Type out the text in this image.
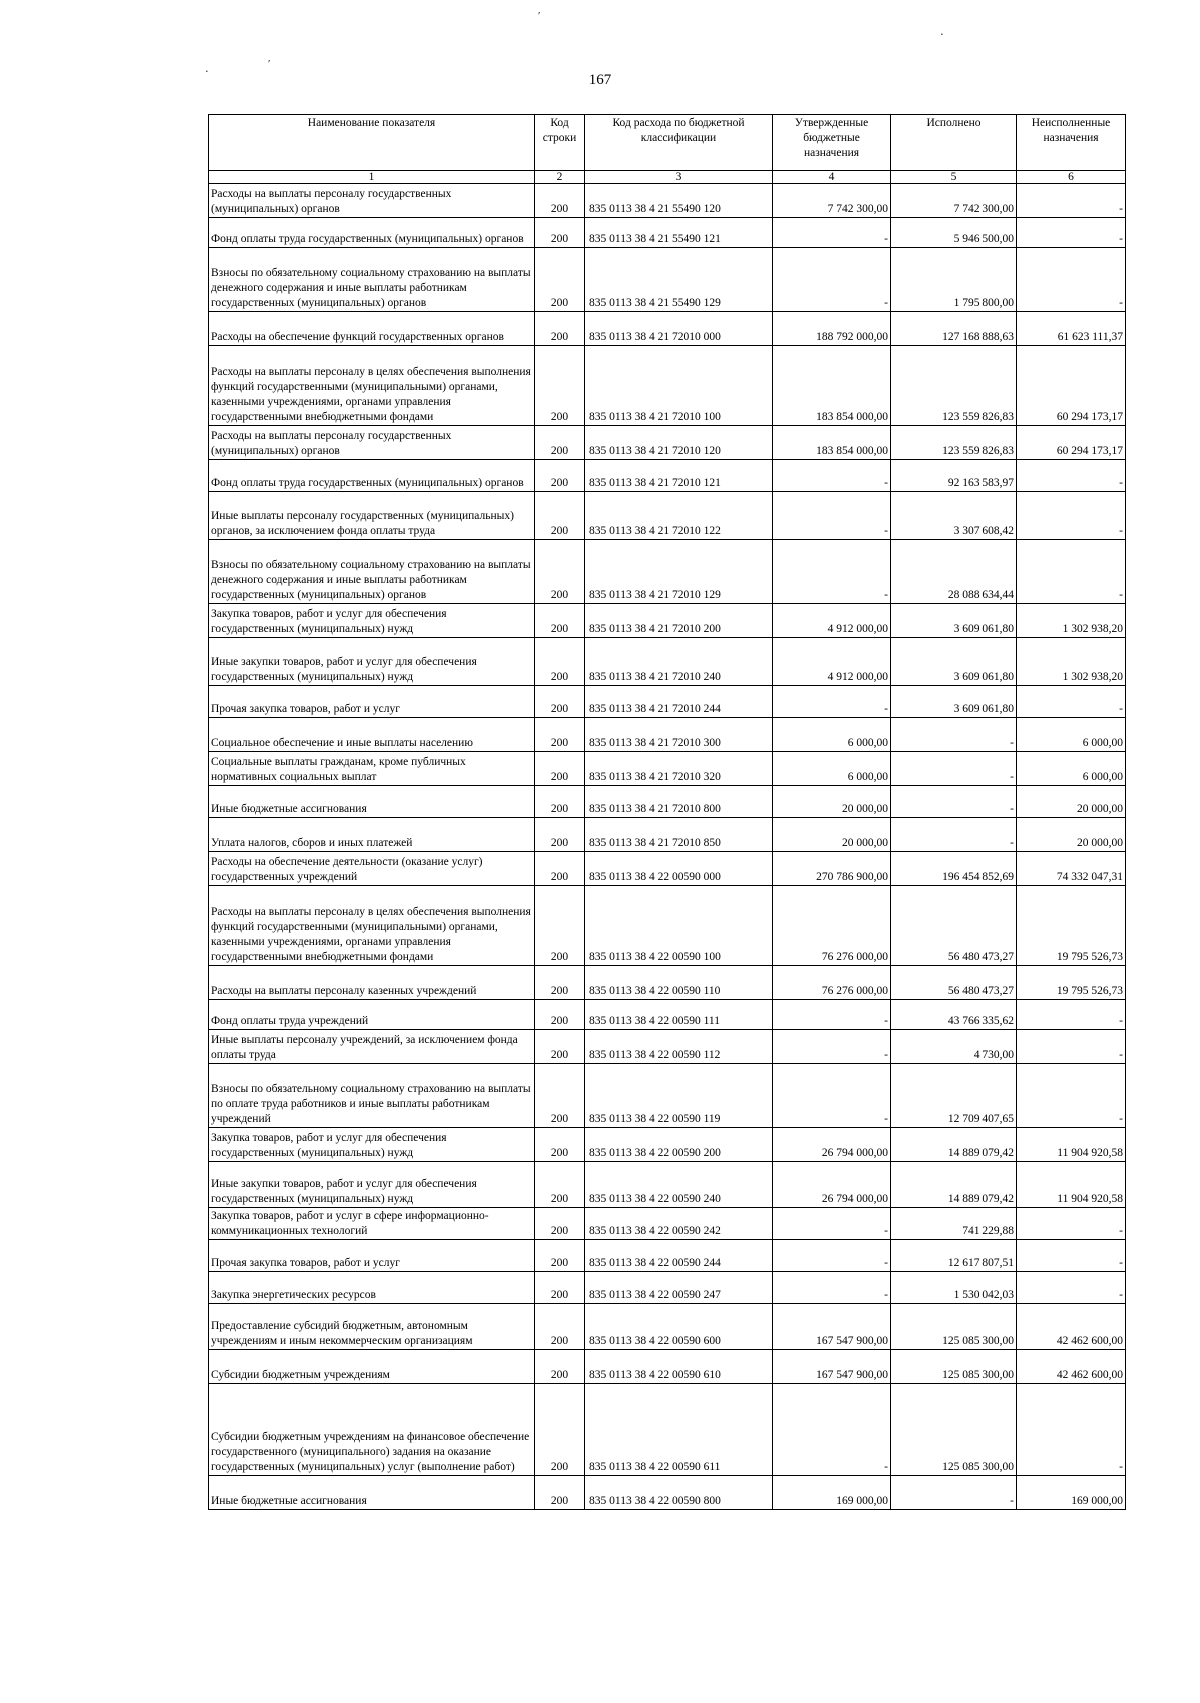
′
⋅
․	′
167
Наименование показателя	Код строки	Код расхода по бюджетной классификации	Утвержденные бюджетные назначения	Исполнено	Неисполненные назначения
1	2	3	4	5	6
Расходы на выплаты персоналу государственных (муниципальных) органов	200	835 0113 38 4 21 55490 120	7 742 300,00	7 742 300,00	-
Фонд оплаты труда государственных (муниципальных) органов	200	835 0113 38 4 21 55490 121	-	5 946 500,00	-
Взносы по обязательному социальному страхованию на выплаты денежного содержания и иные выплаты работникам государственных (муниципальных) органов	200	835 0113 38 4 21 55490 129	-	1 795 800,00	-
Расходы на обеспечение функций государственных органов	200	835 0113 38 4 21 72010 000	188 792 000,00	127 168 888,63	61 623 111,37
Расходы на выплаты персоналу в целях обеспечения выполнения функций государственными (муниципальными) органами, казенными учреждениями, органами управления государственными внебюджетными фондами	200	835 0113 38 4 21 72010 100	183 854 000,00	123 559 826,83	60 294 173,17
Расходы на выплаты персоналу государственных (муниципальных) органов	200	835 0113 38 4 21 72010 120	183 854 000,00	123 559 826,83	60 294 173,17
Фонд оплаты труда государственных (муниципальных) органов	200	835 0113 38 4 21 72010 121	-	92 163 583,97	-
Иные выплаты персоналу государственных (муниципальных) органов, за исключением фонда оплаты труда	200	835 0113 38 4 21 72010 122	-	3 307 608,42	-
Взносы по обязательному социальному страхованию на выплаты денежного содержания и иные выплаты работникам государственных (муниципальных) органов	200	835 0113 38 4 21 72010 129	-	28 088 634,44	-
Закупка товаров, работ и услуг для обеспечения государственных (муниципальных) нужд	200	835 0113 38 4 21 72010 200	4 912 000,00	3 609 061,80	1 302 938,20
Иные закупки товаров, работ и услуг для обеспечения государственных (муниципальных) нужд	200	835 0113 38 4 21 72010 240	4 912 000,00	3 609 061,80	1 302 938,20
Прочая закупка товаров, работ и услуг	200	835 0113 38 4 21 72010 244	-	3 609 061,80	-
Социальное обеспечение и иные выплаты населению	200	835 0113 38 4 21 72010 300	6 000,00	-	6 000,00
Социальные выплаты гражданам, кроме публичных нормативных социальных выплат	200	835 0113 38 4 21 72010 320	6 000,00	-	6 000,00
Иные бюджетные ассигнования	200	835 0113 38 4 21 72010 800	20 000,00	-	20 000,00
Уплата налогов, сборов и иных платежей	200	835 0113 38 4 21 72010 850	20 000,00	-	20 000,00
Расходы на обеспечение деятельности (оказание услуг) государственных учреждений	200	835 0113 38 4 22 00590 000	270 786 900,00	196 454 852,69	74 332 047,31
Расходы на выплаты персоналу в целях обеспечения выполнения функций государственными (муниципальными) органами, казенными учреждениями, органами управления государственными внебюджетными фондами	200	835 0113 38 4 22 00590 100	76 276 000,00	56 480 473,27	19 795 526,73
Расходы на выплаты персоналу казенных учреждений	200	835 0113 38 4 22 00590 110	76 276 000,00	56 480 473,27	19 795 526,73
Фонд оплаты труда учреждений	200	835 0113 38 4 22 00590 111	-	43 766 335,62	-
Иные выплаты персоналу учреждений, за исключением фонда оплаты труда	200	835 0113 38 4 22 00590 112	-	4 730,00	-
Взносы по обязательному социальному страхованию на выплаты по оплате труда работников и иные выплаты работникам учреждений	200	835 0113 38 4 22 00590 119	-	12 709 407,65	-
Закупка товаров, работ и услуг для обеспечения государственных (муниципальных) нужд	200	835 0113 38 4 22 00590 200	26 794 000,00	14 889 079,42	11 904 920,58
Иные закупки товаров, работ и услуг для обеспечения государственных (муниципальных) нужд	200	835 0113 38 4 22 00590 240	26 794 000,00	14 889 079,42	11 904 920,58
Закупка товаров, работ и услуг в сфере информационно-коммуникационных технологий	200	835 0113 38 4 22 00590 242	-	741 229,88	-
Прочая закупка товаров, работ и услуг	200	835 0113 38 4 22 00590 244	-	12 617 807,51	-
Закупка энергетических ресурсов	200	835 0113 38 4 22 00590 247	-	1 530 042,03	-
Предоставление субсидий бюджетным, автономным учреждениям и иным некоммерческим организациям	200	835 0113 38 4 22 00590 600	167 547 900,00	125 085 300,00	42 462 600,00
Субсидии бюджетным учреждениям	200	835 0113 38 4 22 00590 610	167 547 900,00	125 085 300,00	42 462 600,00
Субсидии бюджетным учреждениям на финансовое обеспечение государственного (муниципального) задания на оказание государственных (муниципальных) услуг (выполнение работ)	200	835 0113 38 4 22 00590 611	-	125 085 300,00	-
Иные бюджетные ассигнования	200	835 0113 38 4 22 00590 800	169 000,00	-	169 000,00
